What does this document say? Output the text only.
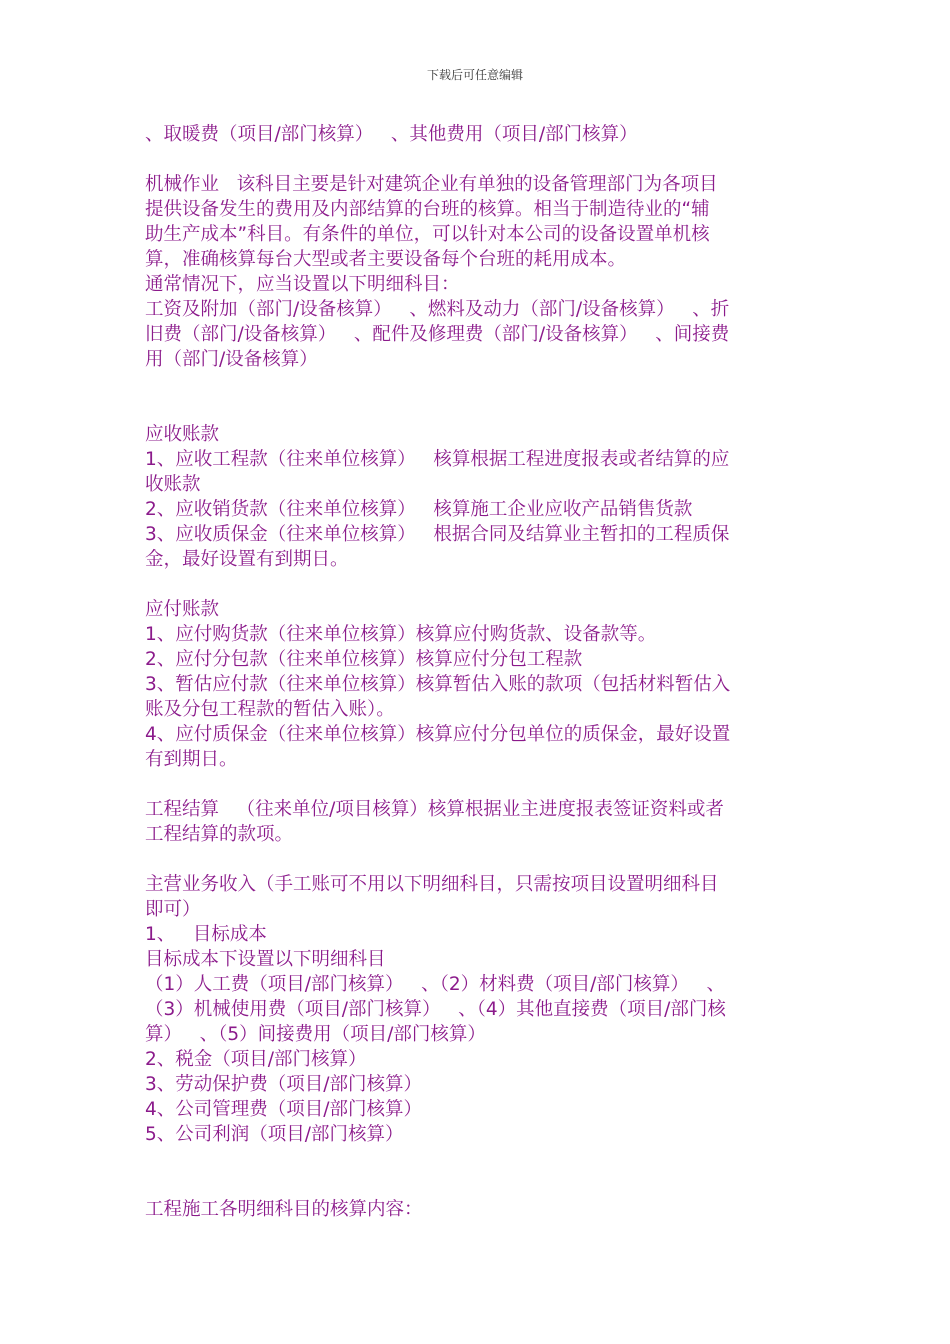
下载后可任意编辑

、取暖费（项目/部门核算）   、其他费用（项目/部门核算）

机械作业   该科目主要是针对建筑企业有单独的设备管理部门为各项目

提供设备发生的费用及内部结算的台班的核算。相当于制造待业的“辅

助生产成本”科目。有条件的单位，可以针对本公司的设备设置单机核

算，准确核算每台大型或者主要设备每个台班的耗用成本。

通常情况下，应当设置以下明细科目：

工资及附加（部门/设备核算）   、燃料及动力（部门/设备核算）   、折

旧费（部门/设备核算）   、配件及修理费（部门/设备核算）   、间接费

用（部门/设备核算）

应收账款

1、应收工程款（往来单位核算）   核算根据工程进度报表或者结算的应

收账款

2、应收销货款（往来单位核算）   核算施工企业应收产品销售货款

3、应收质保金（往来单位核算）   根据合同及结算业主暂扣的工程质保

金，最好设置有到期日。

应付账款

1、应付购货款（往来单位核算）核算应付购货款、设备款等。

2、应付分包款（往来单位核算）核算应付分包工程款

3、暂估应付款（往来单位核算）核算暂估入账的款项（包括材料暂估入

账及分包工程款的暂估入账）。

4、应付质保金（往来单位核算）核算应付分包单位的质保金，最好设置

有到期日。

工程结算   （往来单位/项目核算）核算根据业主进度报表签证资料或者

工程结算的款项。

主营业务收入（手工账可不用以下明细科目，只需按项目设置明细科目

即可）

1、   目标成本

目标成本下设置以下明细科目

（1）人工费（项目/部门核算）   、（2）材料费（项目/部门核算）   、

（3）机械使用费（项目/部门核算）   、（4）其他直接费（项目/部门核

算）   、（5）间接费用（项目/部门核算）

2、税金（项目/部门核算）

3、劳动保护费（项目/部门核算）

4、公司管理费（项目/部门核算）

5、公司利润（项目/部门核算）

工程施工各明细科目的核算内容：
